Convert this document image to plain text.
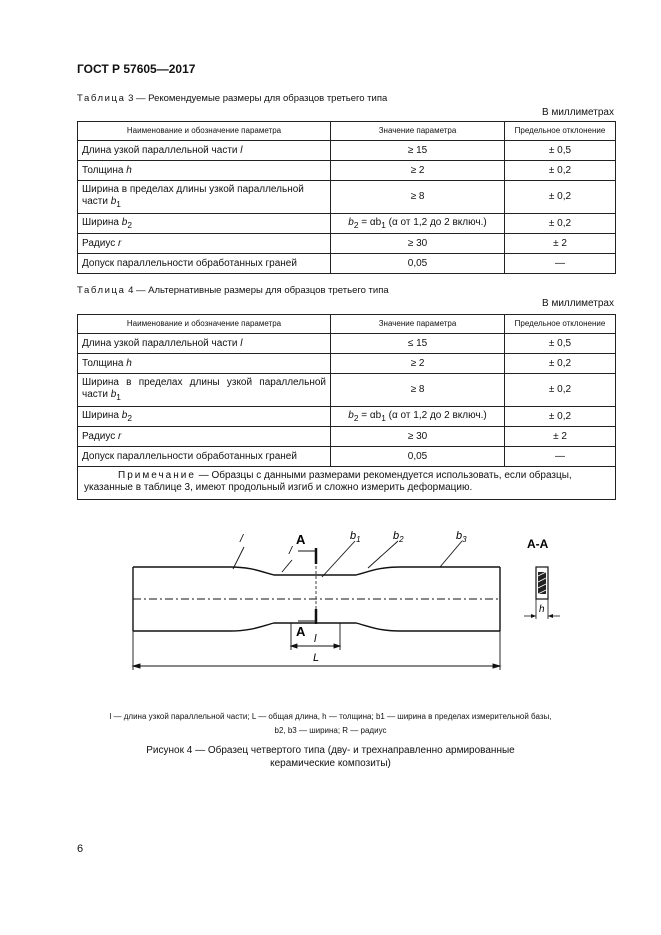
ГОСТ Р 57605—2017
Таблица 3 — Рекомендуемые размеры для образцов третьего типа
В миллиметрах
Наименование и обозначение параметра	Значение параметра	Предельное отклонение
Длина узкой параллельной части l	≥ 15	± 0,5
Толщина h	≥ 2	± 0,2
Ширина в пределах длины узкой параллельной части $b_1$	≥ 8	± 0,2
Ширина $b_2$	$b_2 = \alpha b_1$ (α от 1,2 до 2 включ.)	± 0,2
Радиус r	≥ 30	± 2
Допуск параллельности обработанных граней	0,05	—
Таблица 4 — Альтернативные размеры для образцов третьего типа
В миллиметрах
Наименование и обозначение параметра	Значение параметра	Предельное отклонение
Длина узкой параллельной части l	≤ 15	± 0,5
Толщина h	≥ 2	± 0,2

Ширина в пределах длины узкой параллельной
части $b_1$	≥ 8	± 0,2
Ширина $b_2$	$b_2 = \alpha b_1$ (α от 1,2 до 2 включ.)	± 0,2
Радиус r	≥ 30	± 2
Допуск параллельности обработанных граней	0,05	—
Примечание — Образцы с данными размерами рекомендуется использовать, если образцы, указанные в таблице 3, имеют продольный изгиб и сложно измерить деформацию.		
A
A
/
/
$b_1$	$b_2$	$b_3$
l
L
A-A
h
l — длина узкой параллельной части; L — общая длина, h — толщина; b1 — ширина в пределах измерительной базы,
b2, b3 — ширина; R — радиус
Рисунок 4 — Образец четвертого типа (дву- и трехнаправленно армированные
керамические композиты)
6
